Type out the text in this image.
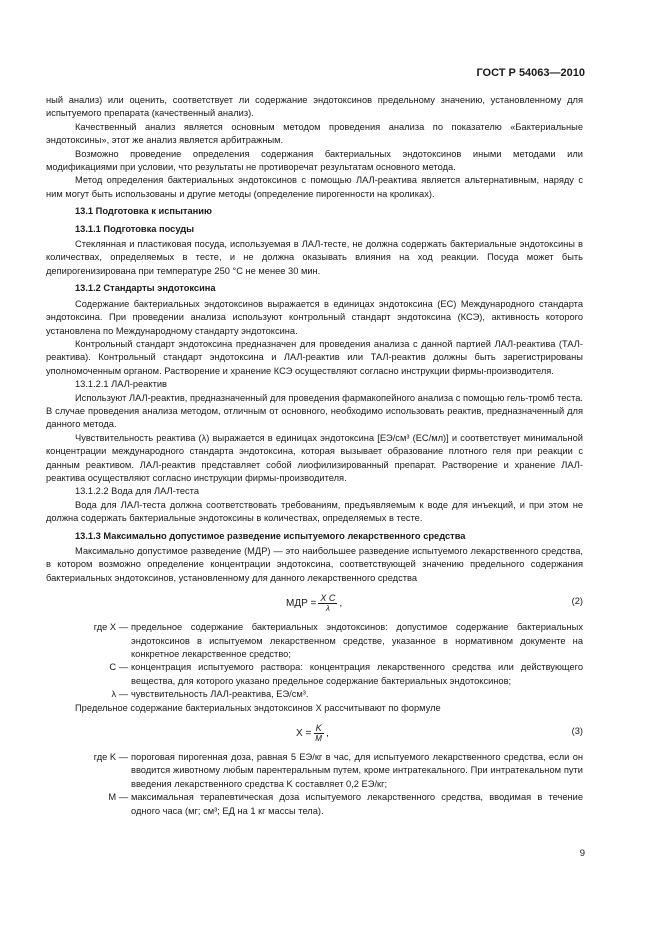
ГОСТ Р 54063—2010

ный анализ) или оценить, соответствует ли содержание эндотоксинов предельному значению, установленному для испытуемого препарата (качественный анализ).

Качественный анализ является основным методом проведения анализа по показателю «Бактериальные эндотоксины», этот же анализ является арбитражным.

Возможно проведение определения содержания бактериальных эндотоксинов иными методами или модификациями при условии, что результаты не противоречат результатам основного метода.

Метод определения бактериальных эндотоксинов с помощью ЛАЛ-реактива является альтернативным, наряду с ним могут быть использованы и другие методы (определение пирогенности на кроликах).

13.1 Подготовка к испытанию

13.1.1 Подготовка посуды

Стеклянная и пластиковая посуда, используемая в ЛАЛ-тесте, не должна содержать бактериальные эндотоксины в количествах, определяемых в тесте, и не должна оказывать влияния на ход реакции. Посуда может быть депирогенизирована при температуре 250 °С не менее 30 мин.

13.1.2 Стандарты эндотоксина

Содержание бактериальных эндотоксинов выражается в единицах эндотоксина (ЕС) Международного стандарта эндотоксина. При проведении анализа используют контрольный стандарт эндотоксина (КСЭ), активность которого установлена по Международному стандарту эндотоксина.

Контрольный стандарт эндотоксина предназначен для проведения анализа с данной партией ЛАЛ-реактива (ТАЛ-реактива). Контрольный стандарт эндотоксина и ЛАЛ-реактив или ТАЛ-реактив должны быть зарегистрированы уполномоченным органом. Растворение и хранение КСЭ осуществляют согласно инструкции фирмы-производителя.

13.1.2.1 ЛАЛ-реактив

Используют ЛАЛ-реактив, предназначенный для проведения фармакопейного анализа с помощью гель-тромб теста. В случае проведения анализа методом, отличным от основного, необходимо использовать реактив, предназначенный для данного метода.

Чувствительность реактива (λ) выражается в единицах эндотоксина [ЕЭ/см³ (ЕС/мл)] и соответствует минимальной концентрации международного стандарта эндотоксина, которая вызывает образование плотного геля при реакции с данным реактивом. ЛАЛ-реактив представляет собой лиофилизированный препарат. Растворение и хранение ЛАЛ-реактива осуществляют согласно инструкции фирмы-производителя.

13.1.2.2 Вода для ЛАЛ-теста

Вода для ЛАЛ-теста должна соответствовать требованиям, предъявляемым к воде для инъекций, и при этом не должна содержать бактериальные эндотоксины в количествах, определяемых в тесте.

13.1.3 Максимально допустимое разведение испытуемого лекарственного средства

Максимально допустимое разведение (МДР) — это наибольшее разведение испытуемого лекарственного средства, в котором возможно определение концентрации эндотоксина, соответствующей значению предельного содержания бактериальных эндотоксинов, установленному для данного лекарственного средства

МДР = $\frac{\text{X C}}{\lambda}$ ,	(2)

где X — предельное содержание бактериальных эндотоксинов: допустимое содержание бактериальных эндотоксинов в испытуемом лекарственном средстве, указанное в нормативном документе на конкретное лекарственное средство;

C — концентрация испытуемого раствора: концентрация лекарственного средства или действующего вещества, для которого указано предельное содержание бактериальных эндотоксинов;

λ — чувствительность ЛАЛ-реактива, ЕЭ/см³.

Предельное содержание бактериальных эндотоксинов X рассчитывают по формуле

$X = \frac{K}{M}$ ,	(3)

где K — пороговая пирогенная доза, равная 5 ЕЭ/кг в час, для испытуемого лекарственного средства, если он вводится животному любым парентеральным путем, кроме интратекального. При интратекальном пути введения лекарственного средства K составляет 0,2 ЕЭ/кг;

M — максимальная терапевтическая доза испытуемого лекарственного средства, вводимая в течение одного часа (мг; см³; ЕД на 1 кг массы тела).

9
